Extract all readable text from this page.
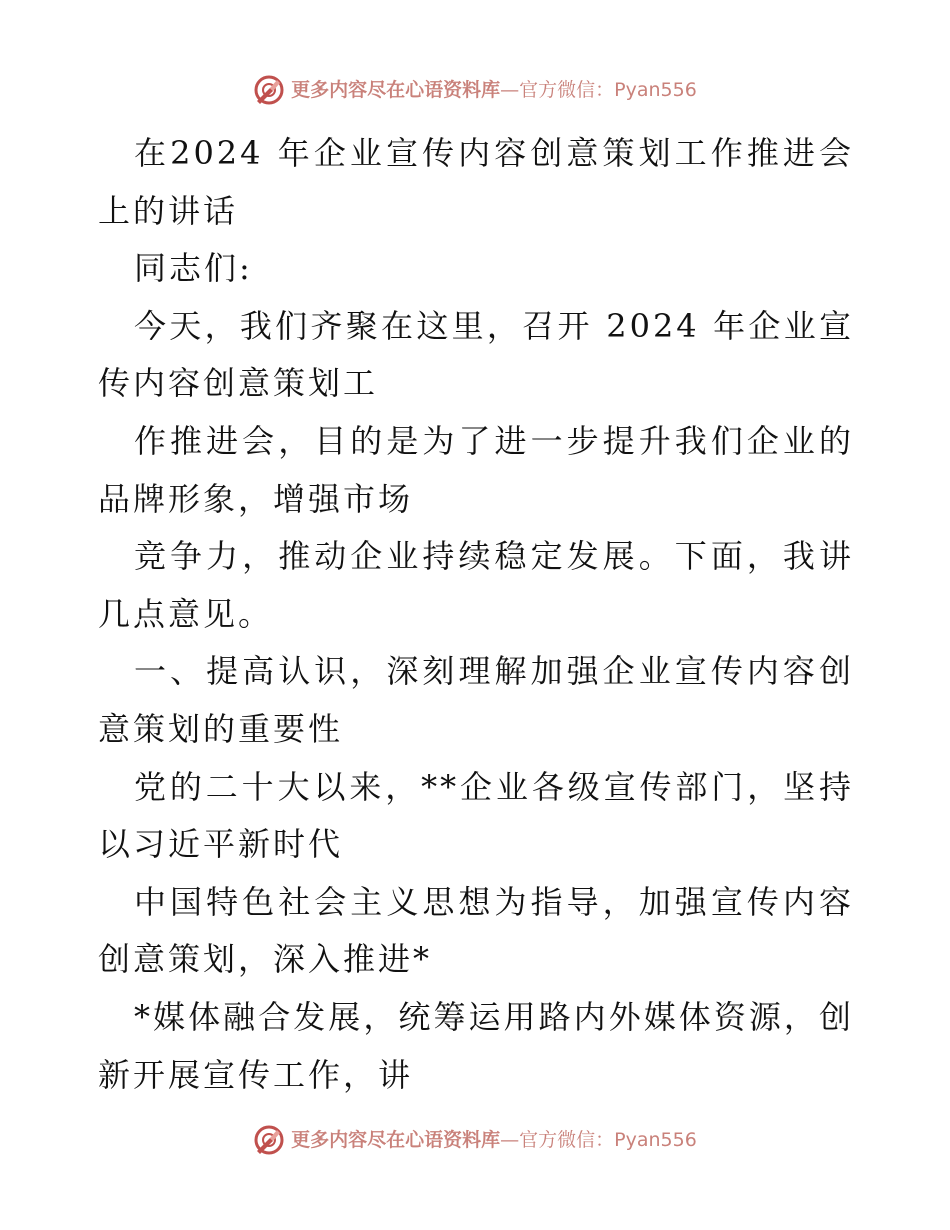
更多内容尽在心语资料库—官方微信：Pyan556

在2024 年企业宣传内容创意策划工作推进会上的讲话

同志们:

今天，我们齐聚在这里，召开 2024 年企业宣传内容创意策划工

作推进会，目的是为了进一步提升我们企业的品牌形象，增强市场

竞争力，推动企业持续稳定发展。下面，我讲几点意见。

一、提高认识，深刻理解加强企业宣传内容创意策划的重要性

党的二十大以来，**企业各级宣传部门，坚持以习近平新时代

中国特色社会主义思想为指导，加强宣传内容创意策划，深入推进*

*媒体融合发展，统筹运用路内外媒体资源，创新开展宣传工作，讲

更多内容尽在心语资料库—官方微信：Pyan556
